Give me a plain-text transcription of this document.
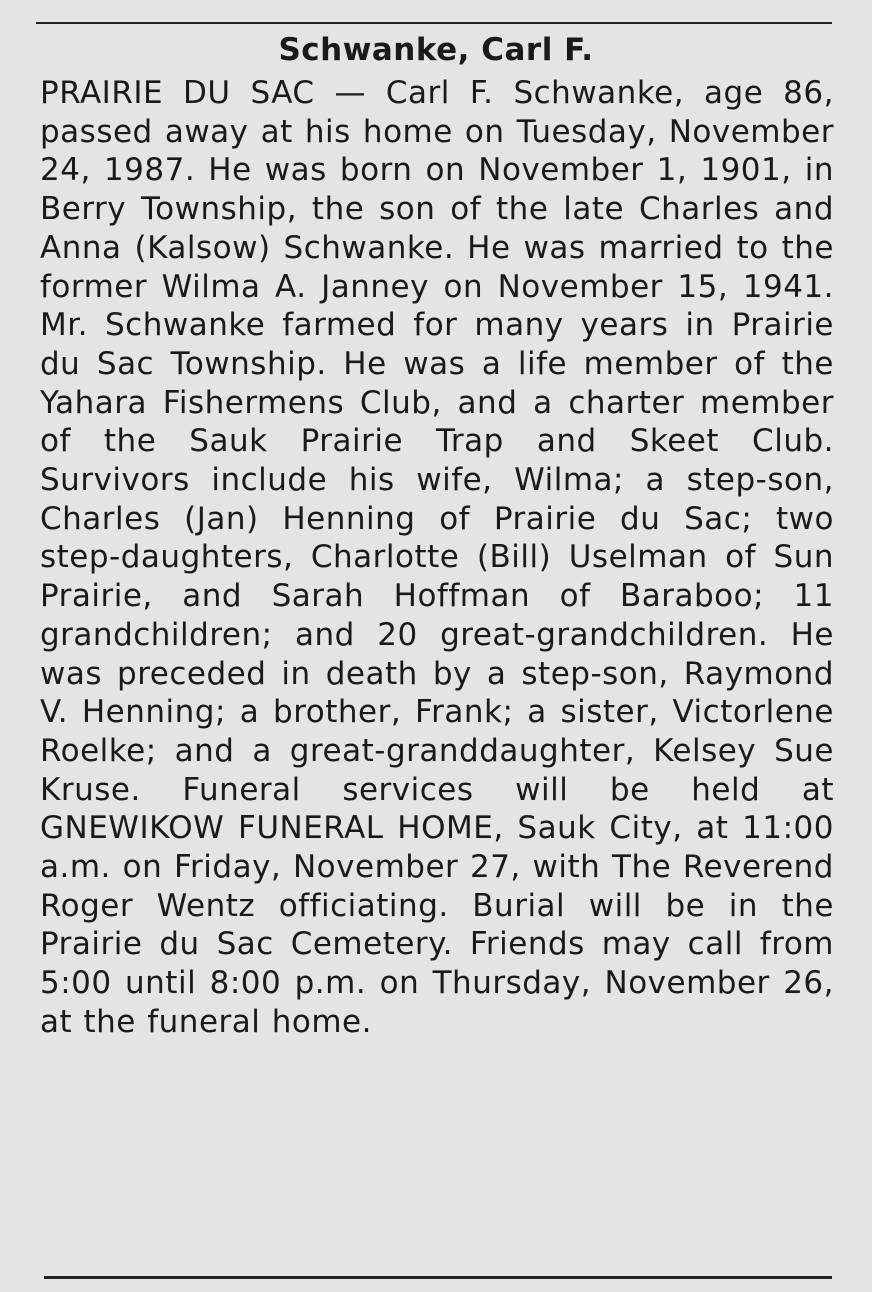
Schwanke, Carl F.

PRAIRIE DU SAC — Carl F. Schwanke, age 86, passed away at his home on Tuesday, November 24, 1987. He was born on November 1, 1901, in Berry Township, the son of the late Charles and Anna (Kalsow) Schwanke. He was married to the former Wilma A. Janney on November 15, 1941. Mr. Schwanke farmed for many years in Prairie du Sac Township. He was a life member of the Yahara Fishermens Club, and a charter member of the Sauk Prairie Trap and Skeet Club. Survivors include his wife, Wilma; a step-son, Charles (Jan) Henning of Prairie du Sac; two step-daughters, Charlotte (Bill) Uselman of Sun Prairie, and Sarah Hoffman of Baraboo; 11 grandchildren; and 20 great-grandchildren. He was preceded in death by a step-son, Raymond V. Henning; a brother, Frank; a sister, Victorlene Roelke; and a great-granddaughter, Kelsey Sue Kruse. Funeral services will be held at GNEWIKOW FUNERAL HOME, Sauk City, at 11:00 a.m. on Friday, November 27, with The Reverend Roger Wentz officiating. Burial will be in the Prairie du Sac Cemetery. Friends may call from 5:00 until 8:00 p.m. on Thursday, November 26, at the funeral home.
